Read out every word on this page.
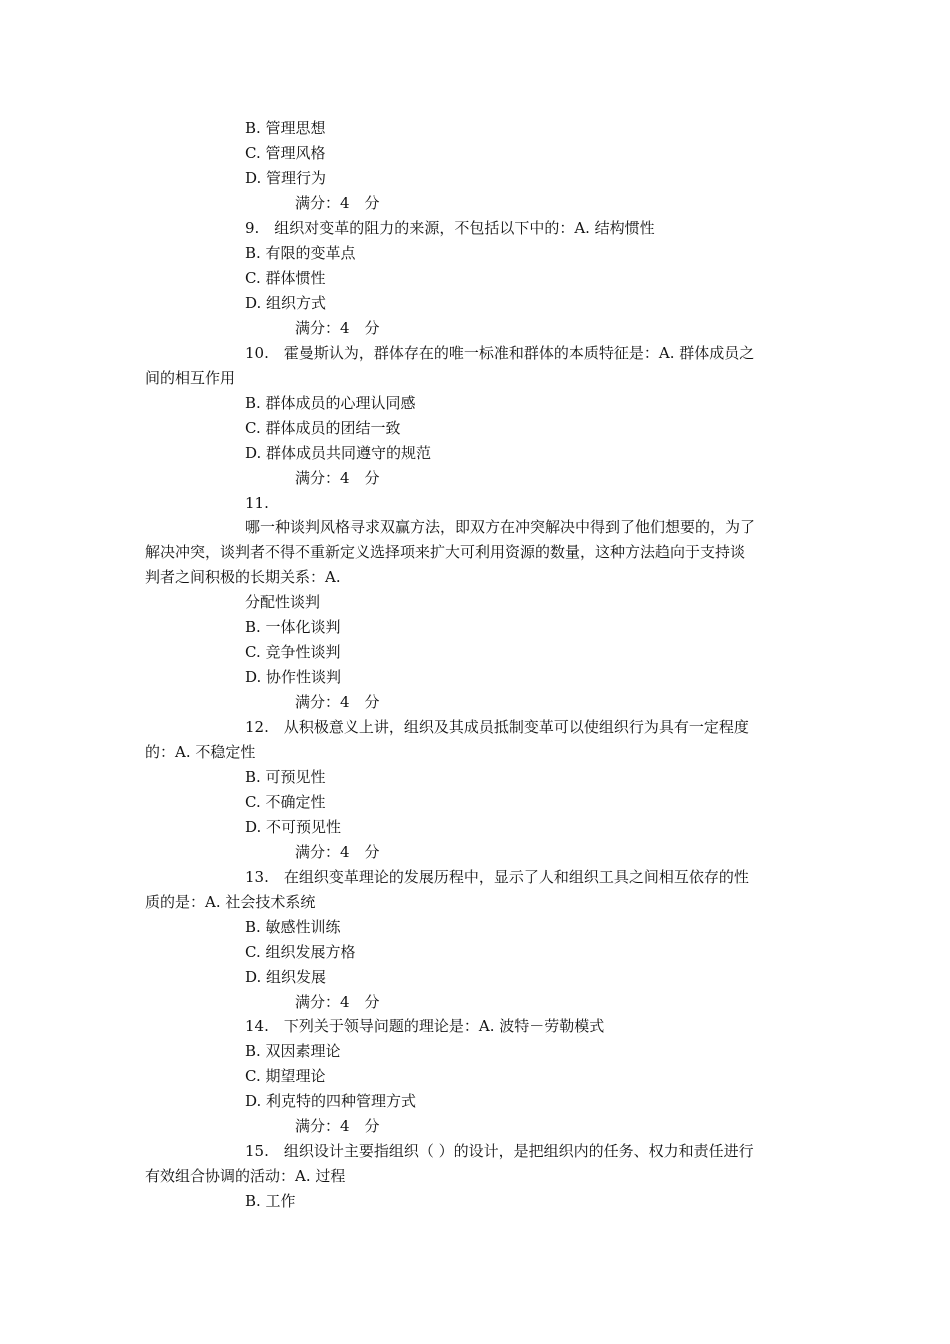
B. 管理思想
C. 管理风格
D. 管理行为
满分：4　分
9.　组织对变革的阻力的来源，不包括以下中的：A. 结构惯性
B. 有限的变革点
C. 群体惯性
D. 组织方式
满分：4　分
10.　霍曼斯认为，群体存在的唯一标准和群体的本质特征是：A. 群体成员之
间的相互作用
B. 群体成员的心理认同感
C. 群体成员的团结一致
D. 群体成员共同遵守的规范
满分：4　分
11.
哪一种谈判风格寻求双赢方法，即双方在冲突解决中得到了他们想要的，为了
解决冲突，谈判者不得不重新定义选择项来扩大可利用资源的数量，这种方法趋向于支持谈
判者之间积极的长期关系：A.
分配性谈判
B. 一体化谈判
C. 竞争性谈判
D. 协作性谈判
满分：4　分
12.　从积极意义上讲，组织及其成员抵制变革可以使组织行为具有一定程度
的：A. 不稳定性
B. 可预见性
C. 不确定性
D. 不可预见性
满分：4　分
13.　在组织变革理论的发展历程中，显示了人和组织工具之间相互依存的性
质的是：A. 社会技术系统
B. 敏感性训练
C. 组织发展方格
D. 组织发展
满分：4　分
14.　下列关于领导问题的理论是：A. 波特－劳勒模式
B. 双因素理论
C. 期望理论
D. 利克特的四种管理方式
满分：4　分
15.　组织设计主要指组织（ ）的设计，是把组织内的任务、权力和责任进行
有效组合协调的活动：A. 过程
B. 工作
